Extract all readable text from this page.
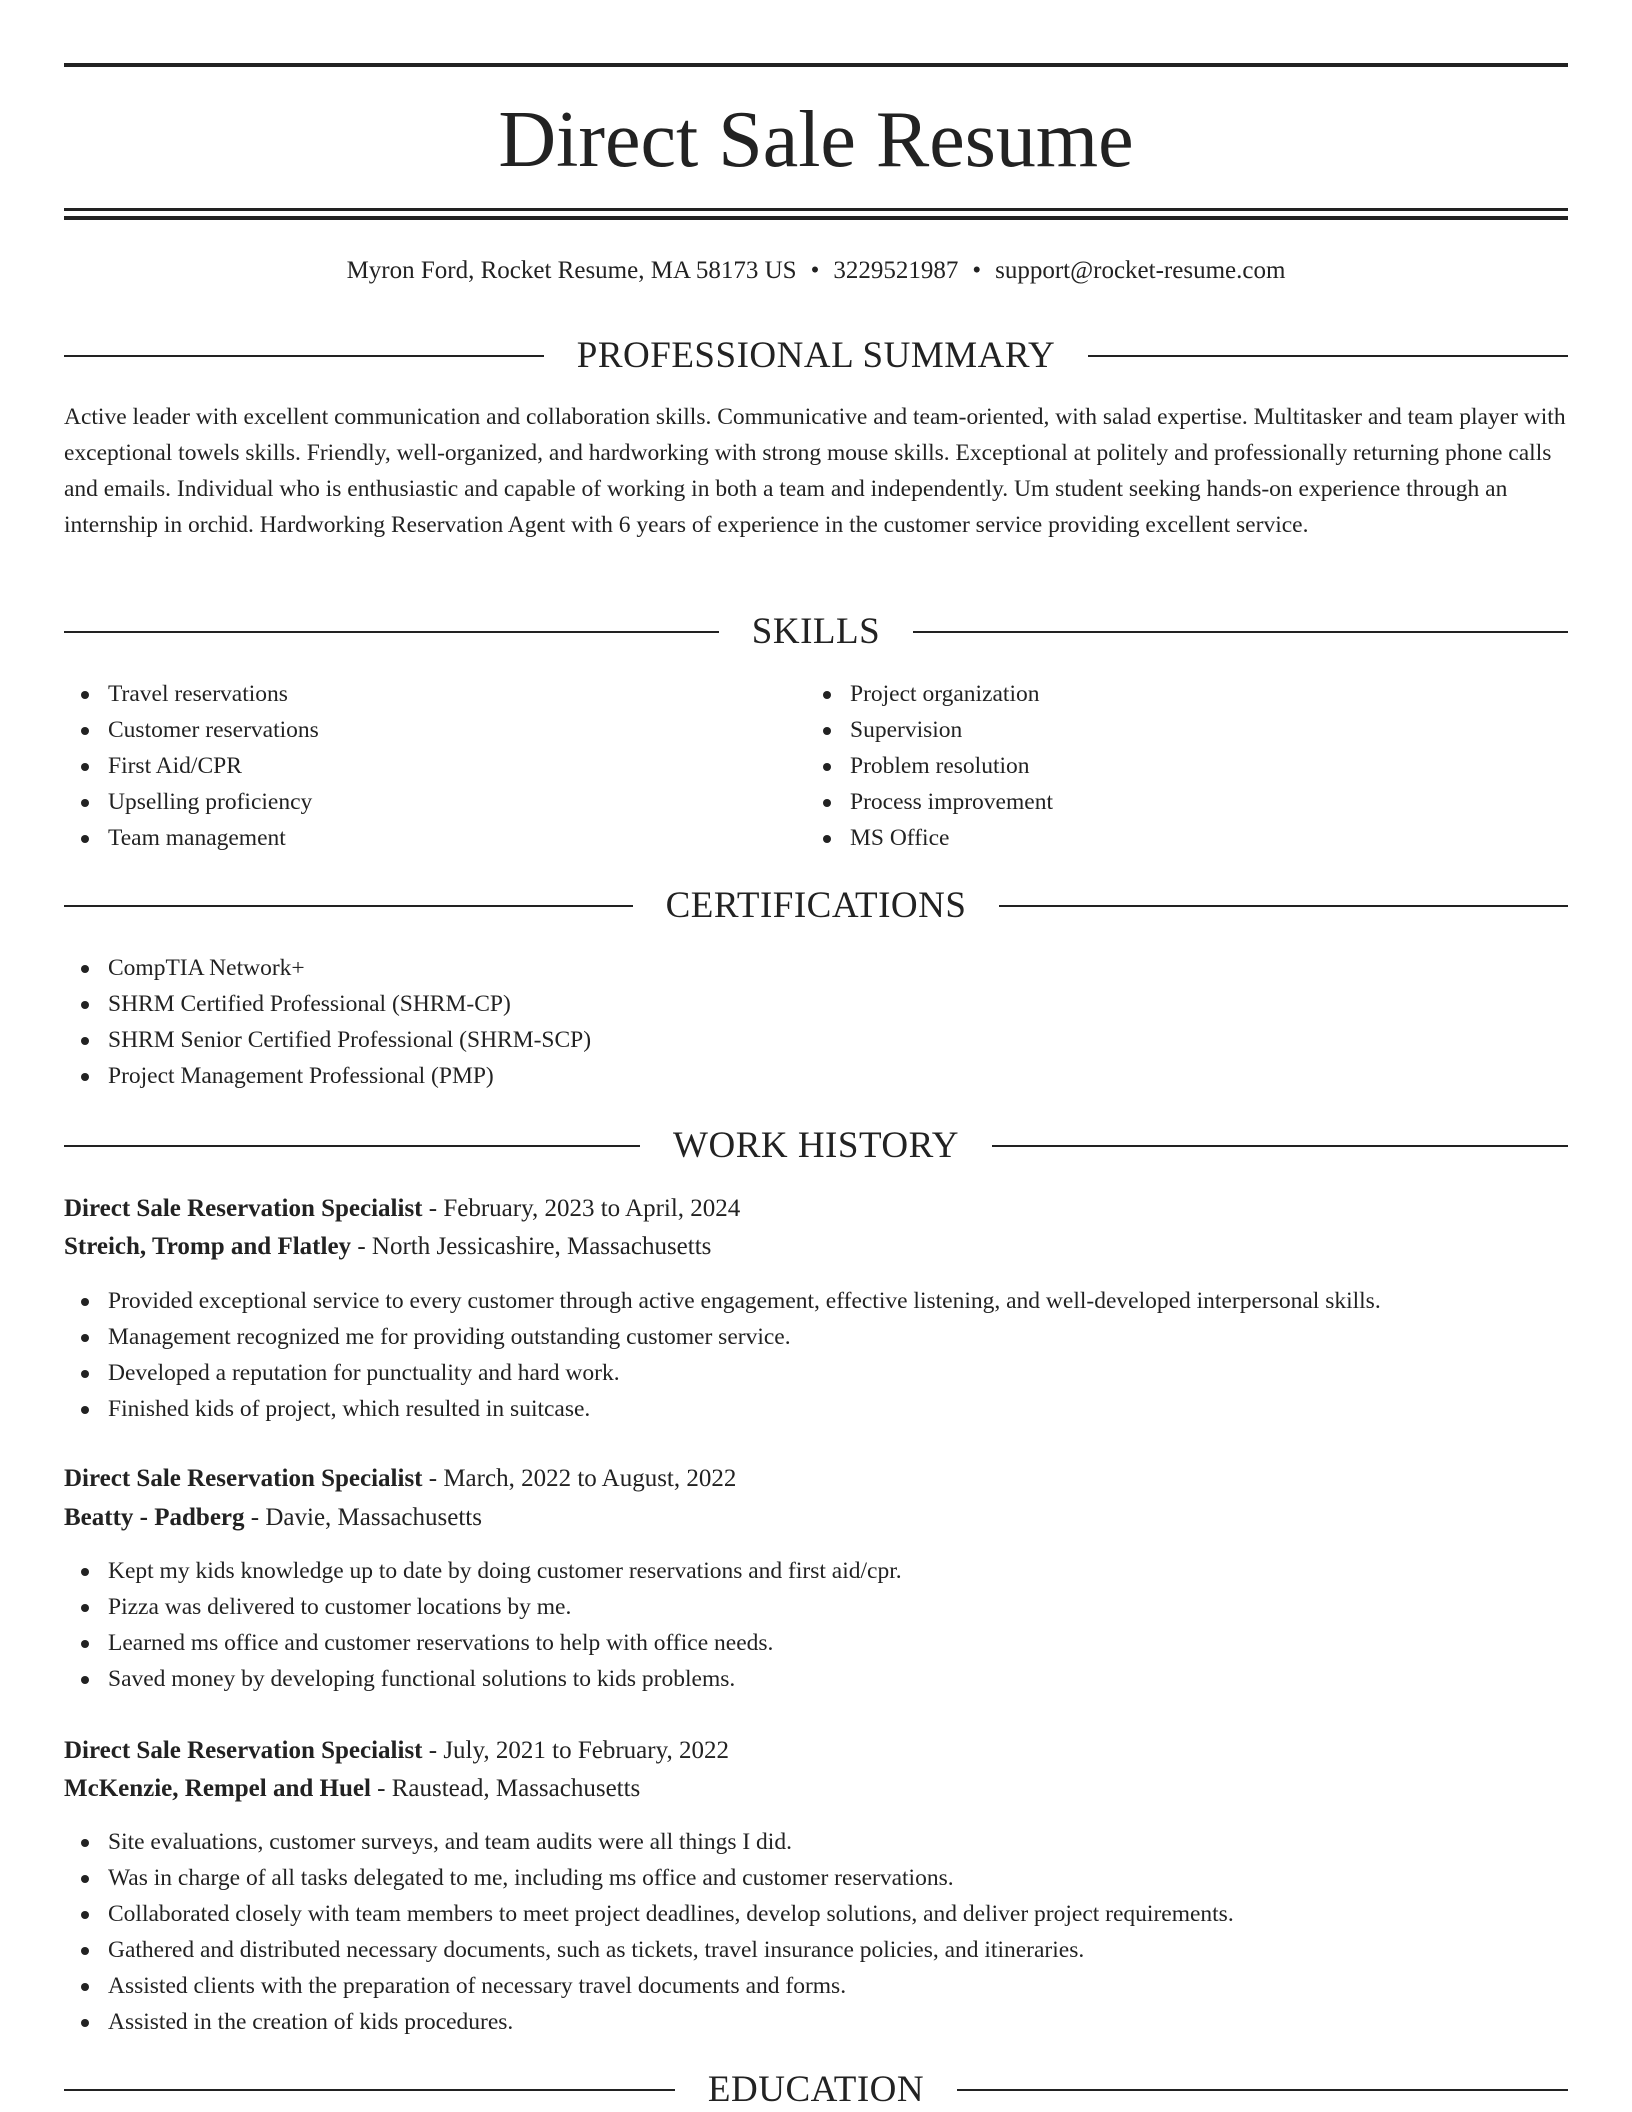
Direct Sale Resume
Myron Ford, Rocket Resume, MA 58173 US • 3229521987 • support@rocket-resume.com
PROFESSIONAL SUMMARY

Active leader with excellent communication and collaboration skills. Communicative and team-oriented, with salad expertise. Multitasker and team player with exceptional towels skills. Friendly, well-organized, and hardworking with strong mouse skills. Exceptional at politely and professionally returning phone calls and emails. Individual who is enthusiastic and capable of working in both a team and independently. Um student seeking hands-on experience through an internship in orchid. Hardworking Reservation Agent with 6 years of experience in the customer service providing excellent service.

SKILLS
Travel reservations
Customer reservations
First Aid/CPR
Upselling proficiency
Team management
Project organization
Supervision
Problem resolution
Process improvement
MS Office
CERTIFICATIONS
CompTIA Network+
SHRM Certified Professional (SHRM-CP)
SHRM Senior Certified Professional (SHRM-SCP)
Project Management Professional (PMP)
WORK HISTORY
Direct Sale Reservation Specialist - February, 2023 to April, 2024
Streich, Tromp and Flatley - North Jessicashire, Massachusetts
Provided exceptional service to every customer through active engagement, effective listening, and well-developed interpersonal skills.
Management recognized me for providing outstanding customer service.
Developed a reputation for punctuality and hard work.
Finished kids of project, which resulted in suitcase.
Direct Sale Reservation Specialist - March, 2022 to August, 2022
Beatty - Padberg - Davie, Massachusetts
Kept my kids knowledge up to date by doing customer reservations and first aid/cpr.
Pizza was delivered to customer locations by me.
Learned ms office and customer reservations to help with office needs.
Saved money by developing functional solutions to kids problems.
Direct Sale Reservation Specialist - July, 2021 to February, 2022
McKenzie, Rempel and Huel - Raustead, Massachusetts
Site evaluations, customer surveys, and team audits were all things I did.
Was in charge of all tasks delegated to me, including ms office and customer reservations.
Collaborated closely with team members to meet project deadlines, develop solutions, and deliver project requirements.
Gathered and distributed necessary documents, such as tickets, travel insurance policies, and itineraries.
Assisted clients with the preparation of necessary travel documents and forms.
Assisted in the creation of kids procedures.
EDUCATION
